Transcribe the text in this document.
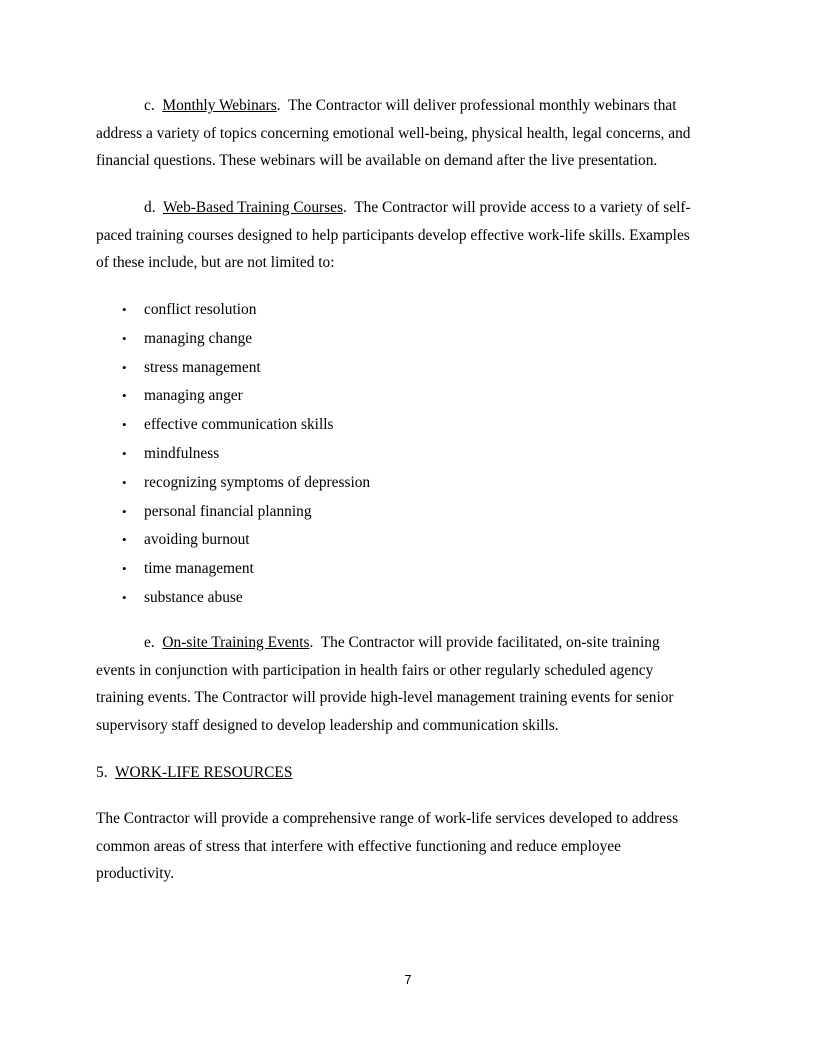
c. Monthly Webinars.  The Contractor will deliver professional monthly webinars that
address a variety of topics concerning emotional well-being, physical health, legal concerns, and
financial questions. These webinars will be available on demand after the live presentation.
d. Web-Based Training Courses.  The Contractor will provide access to a variety of self-
paced training courses designed to help participants develop effective work-life skills. Examples
of these include, but are not limited to:
• conflict resolution
• managing change
• stress management
• managing anger
• effective communication skills
• mindfulness
• recognizing symptoms of depression
• personal financial planning
• avoiding burnout
• time management
• substance abuse
e. On-site Training Events.  The Contractor will provide facilitated, on-site training
events in conjunction with participation in health fairs or other regularly scheduled agency
training events. The Contractor will provide high-level management training events for senior
supervisory staff designed to develop leadership and communication skills.
5. WORK-LIFE RESOURCES
The Contractor will provide a comprehensive range of work-life services developed to address
common areas of stress that interfere with effective functioning and reduce employee
productivity.
7
